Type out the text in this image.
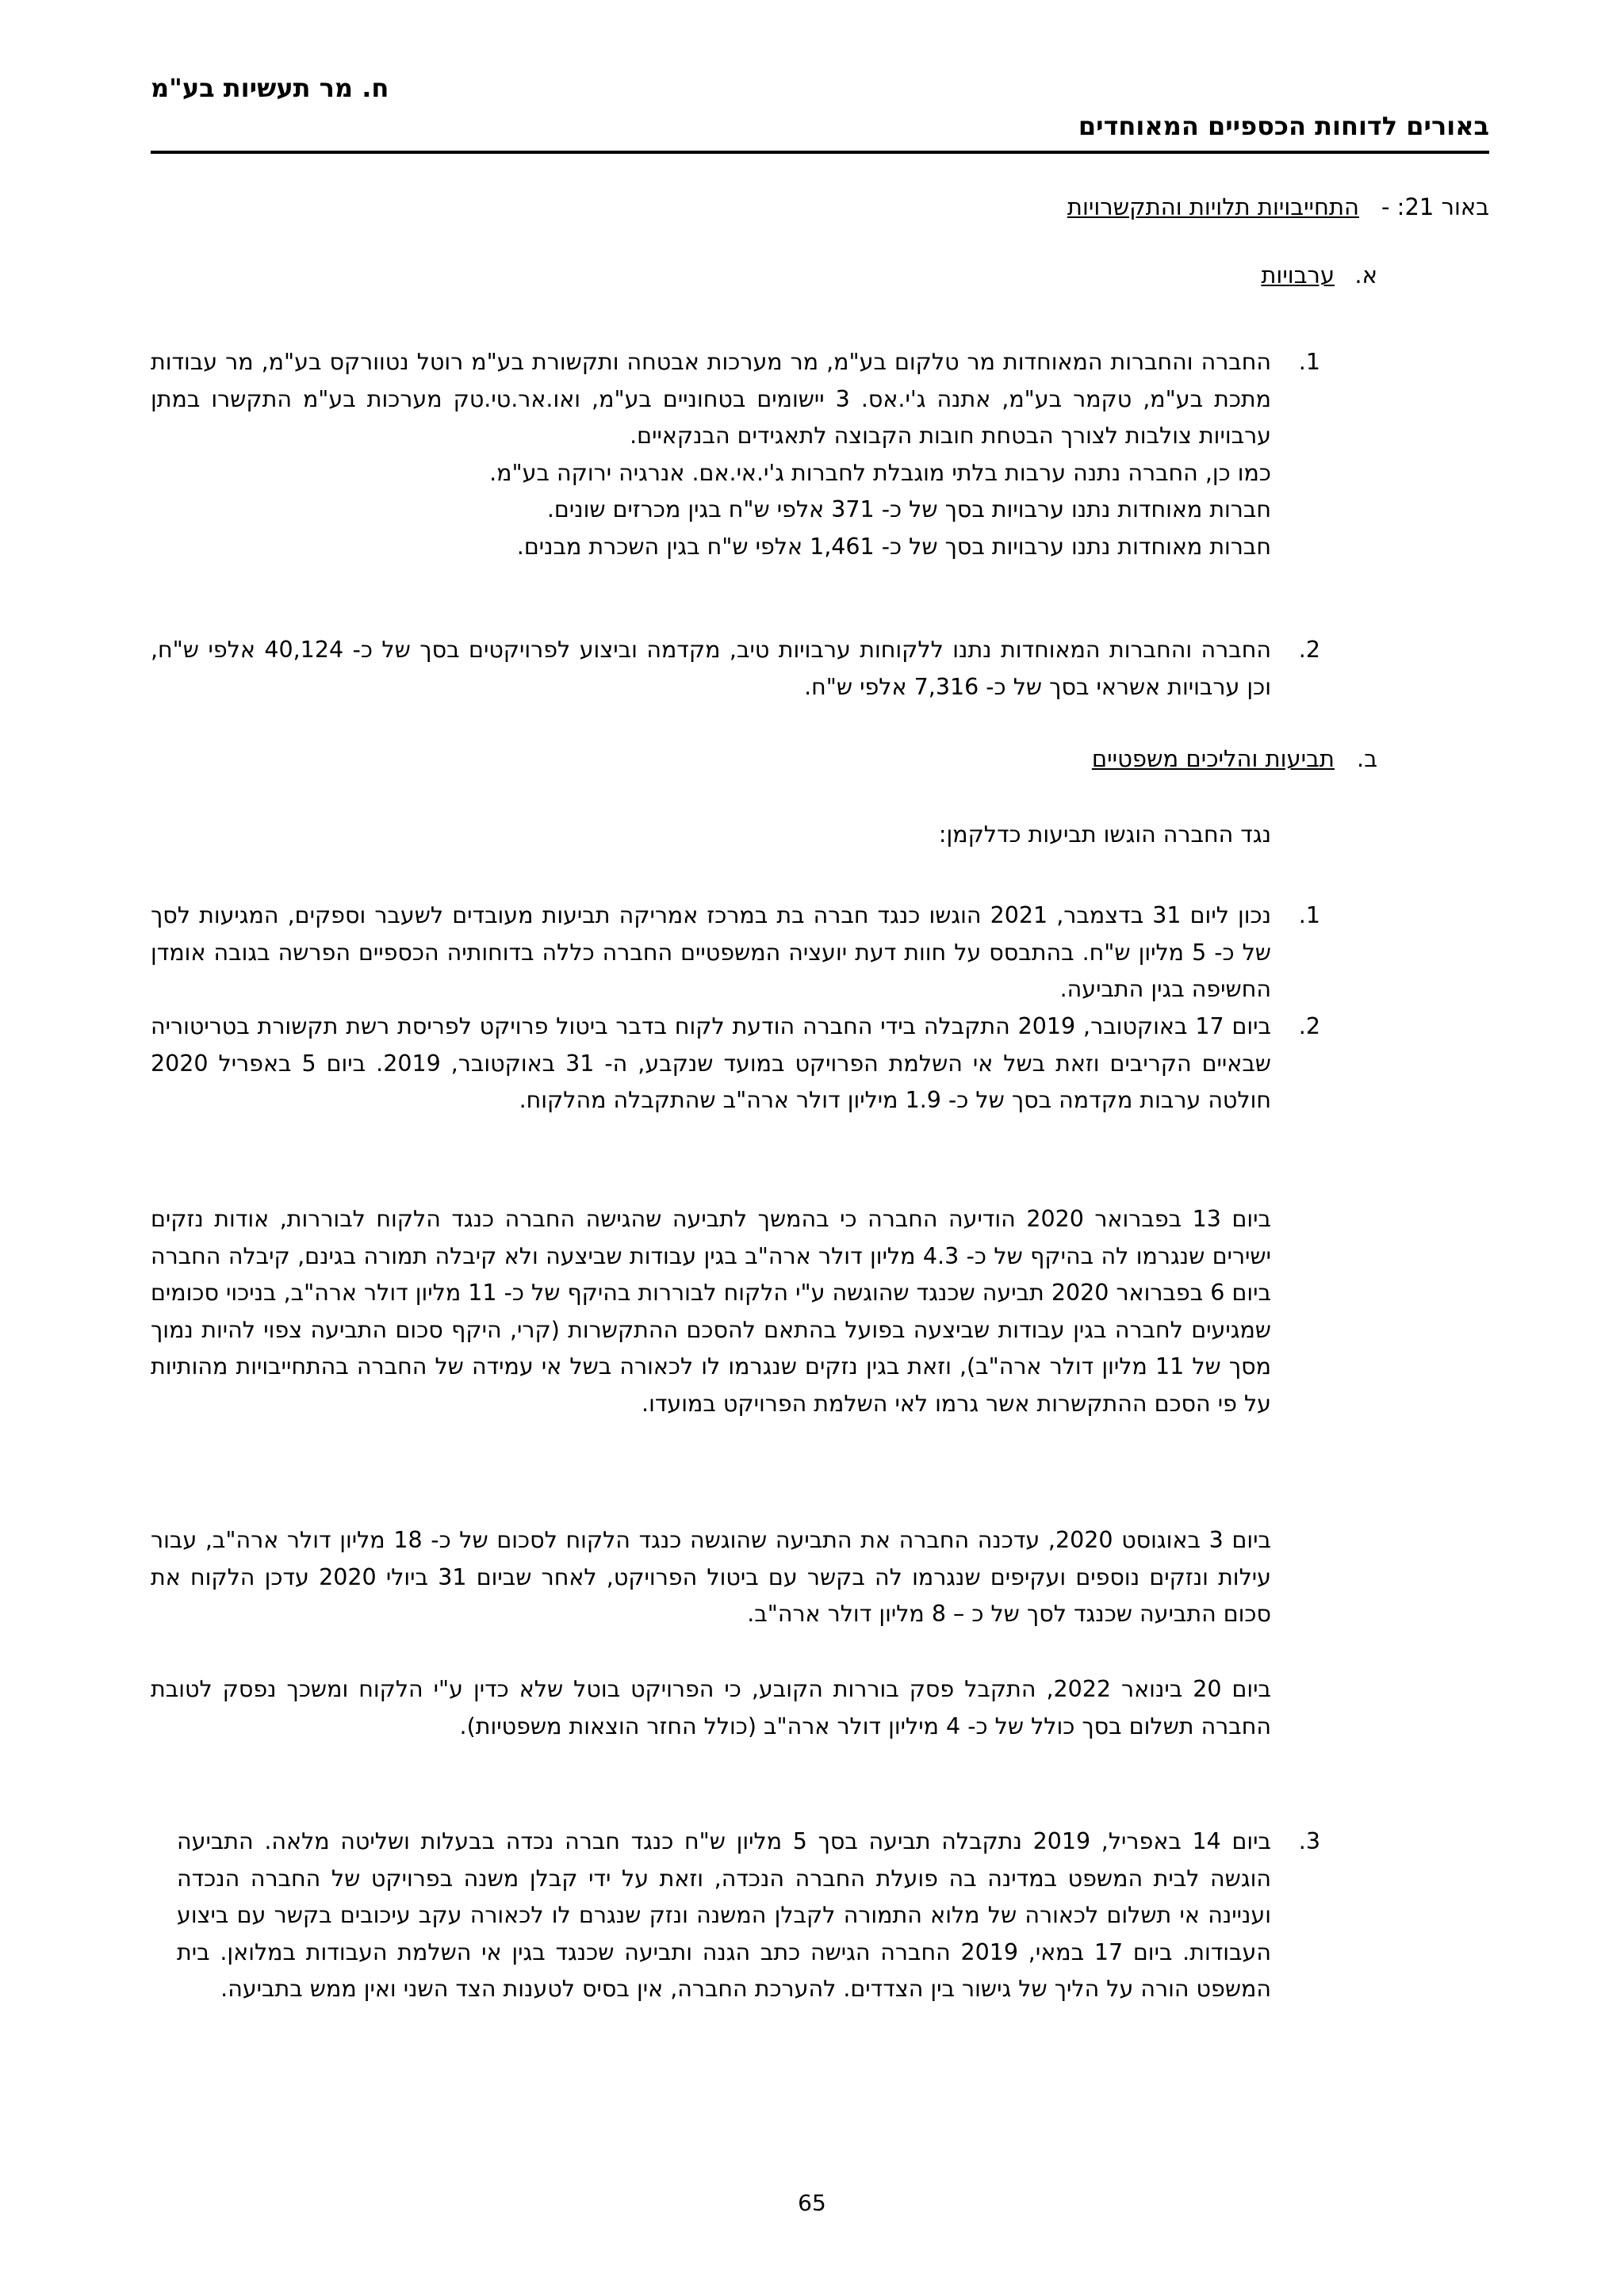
ח. מר תעשיות בע"מ
באורים לדוחות הכספיים המאוחדים
באור 21: -התחייבויות תלויות והתקשרויות
א.
ערבויות
1.

החברה והחברות המאוחדות מר טלקום בע"מ, מר מערכות אבטחה ותקשורת בע"מ רוטל נטוורקס בע"מ, מר עבודות מתכת בע"מ, טקמר בע"מ, אתנה ג'י.אס. 3 יישומים בטחוניים בע"מ, ואו.אר.טי.טק מערכות בע"מ התקשרו במתן ערבויות צולבות לצורך הבטחת חובות הקבוצה לתאגידים הבנקאיים.

כמו כן, החברה נתנה ערבות בלתי מוגבלת לחברות ג'י.אי.אם. אנרגיה ירוקה בע"מ.

חברות מאוחדות נתנו ערבויות בסך של כ- 371 אלפי ש"ח בגין מכרזים שונים.

חברות מאוחדות נתנו ערבויות בסך של כ- 1,461 אלפי ש"ח בגין השכרת מבנים.

2.

החברה והחברות המאוחדות נתנו ללקוחות ערבויות טיב, מקדמה וביצוע לפרויקטים בסך של כ- 40,124 אלפי ש"ח, וכן ערבויות אשראי בסך של כ- 7,316 אלפי ש"ח.

ב.
תביעות והליכים משפטיים

נגד החברה הוגשו תביעות כדלקמן:

1.

נכון ליום 31 בדצמבר, 2021 הוגשו כנגד חברה בת במרכז אמריקה תביעות מעובדים לשעבר וספקים, המגיעות לסך של כ- 5 מליון ש"ח. בהתבסס על חוות דעת יועציה המשפטיים החברה כללה בדוחותיה הכספיים הפרשה בגובה אומדן החשיפה בגין התביעה.

2.

ביום 17 באוקטובר, 2019 התקבלה בידי החברה הודעת לקוח בדבר ביטול פרויקט לפריסת רשת תקשורת בטריטוריה שבאיים הקריבים וזאת בשל אי השלמת הפרויקט במועד שנקבע, ה- 31 באוקטובר, 2019. ביום 5 באפריל 2020 חולטה ערבות מקדמה בסך של כ- 1.9 מיליון דולר ארה"ב שהתקבלה מהלקוח.

ביום 13 בפברואר 2020 הודיעה החברה כי בהמשך לתביעה שהגישה החברה כנגד הלקוח לבוררות, אודות נזקים ישירים שנגרמו לה בהיקף של כ- 4.3 מליון דולר ארה"ב בגין עבודות שביצעה ולא קיבלה תמורה בגינם, קיבלה החברה ביום 6 בפברואר 2020 תביעה שכנגד שהוגשה ע"י הלקוח לבוררות בהיקף של כ- 11 מליון דולר ארה"ב, בניכוי סכומים שמגיעים לחברה בגין עבודות שביצעה בפועל בהתאם להסכם ההתקשרות (קרי, היקף סכום התביעה צפוי להיות נמוך מסך של 11 מליון דולר ארה"ב), וזאת בגין נזקים שנגרמו לו לכאורה בשל אי עמידה של החברה בהתחייבויות מהותיות על פי הסכם ההתקשרות אשר גרמו לאי השלמת הפרויקט במועדו.

ביום 3 באוגוסט 2020, עדכנה החברה את התביעה שהוגשה כנגד הלקוח לסכום של כ- 18 מליון דולר ארה"ב, עבור עילות ונזקים נוספים ועקיפים שנגרמו לה בקשר עם ביטול הפרויקט, לאחר שביום 31 ביולי 2020 עדכן הלקוח את סכום התביעה שכנגד לסך של כ – 8 מליון דולר ארה"ב.

ביום 20 בינואר 2022, התקבל פסק בוררות הקובע, כי הפרויקט בוטל שלא כדין ע"י הלקוח ומשכך נפסק לטובת החברה תשלום בסך כולל של כ- 4 מיליון דולר ארה"ב (כולל החזר הוצאות משפטיות).

3.

ביום 14 באפריל, 2019 נתקבלה תביעה בסך 5 מליון ש"ח כנגד חברה נכדה בבעלות ושליטה מלאה. התביעה הוגשה לבית המשפט במדינה בה פועלת החברה הנכדה, וזאת על ידי קבלן משנה בפרויקט של החברה הנכדה ועניינה אי תשלום לכאורה של מלוא התמורה לקבלן המשנה ונזק שנגרם לו לכאורה עקב עיכובים בקשר עם ביצוע העבודות. ביום 17 במאי, 2019 החברה הגישה כתב הגנה ותביעה שכנגד בגין אי השלמת העבודות במלואן. בית המשפט הורה על הליך של גישור בין הצדדים. להערכת החברה, אין בסיס לטענות הצד השני ואין ממש בתביעה.

65
